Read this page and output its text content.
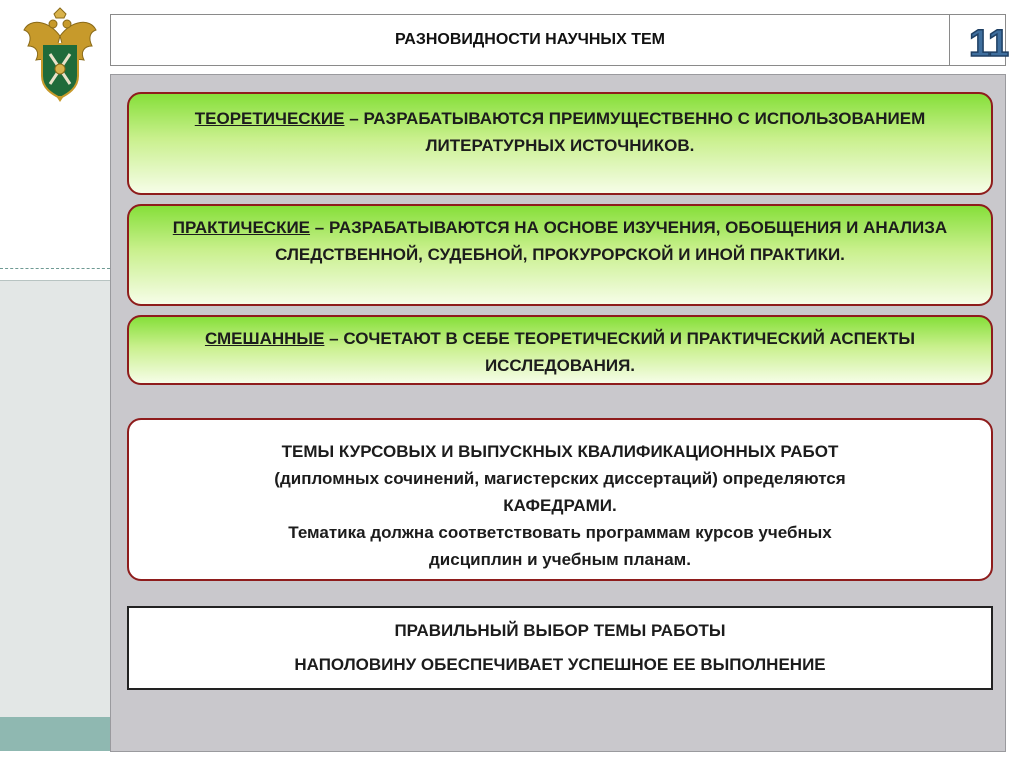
РАЗНОВИДНОСТИ НАУЧНЫХ ТЕМ	11
ТЕОРЕТИЧЕСКИЕ – РАЗРАБАТЫВАЮТСЯ ПРЕИМУЩЕСТВЕННО С ИСПОЛЬЗОВАНИЕМ ЛИТЕРАТУРНЫХ ИСТОЧНИКОВ.
ПРАКТИЧЕСКИЕ – РАЗРАБАТЫВАЮТСЯ НА ОСНОВЕ ИЗУЧЕНИЯ, ОБОБЩЕНИЯ И АНАЛИЗА СЛЕДСТВЕННОЙ, СУДЕБНОЙ, ПРОКУРОРСКОЙ И ИНОЙ ПРАКТИКИ.
СМЕШАННЫЕ – СОЧЕТАЮТ В СЕБЕ ТЕОРЕТИЧЕСКИЙ И ПРАКТИЧЕСКИЙ АСПЕКТЫ ИССЛЕДОВАНИЯ.
ТЕМЫ КУРСОВЫХ И ВЫПУСКНЫХ КВАЛИФИКАЦИОННЫХ РАБОТ
(дипломных сочинений, магистерских диссертаций) определяются
КАФЕДРАМИ.
Тематика должна соответствовать программам курсов учебных
дисциплин и учебным планам.
ПРАВИЛЬНЫЙ ВЫБОР ТЕМЫ РАБОТЫ
НАПОЛОВИНУ ОБЕСПЕЧИВАЕТ УСПЕШНОЕ ЕЕ ВЫПОЛНЕНИЕ
